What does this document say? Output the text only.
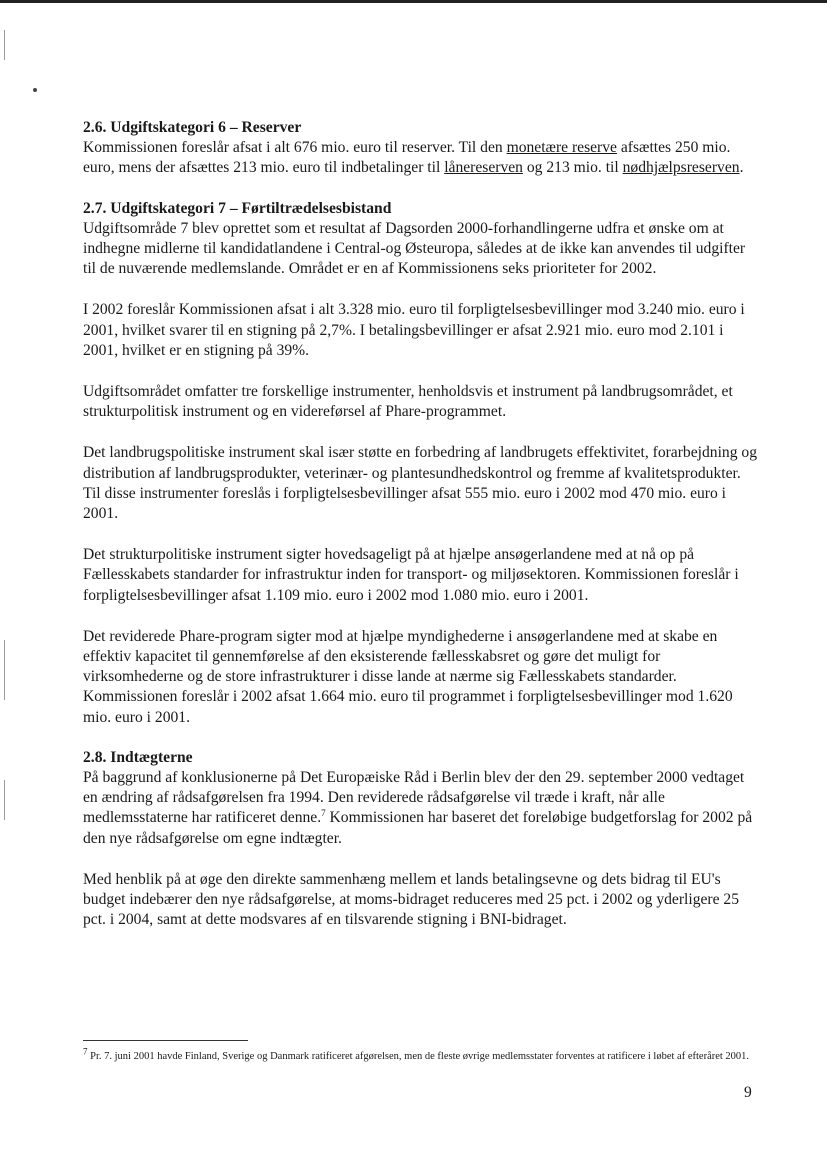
2.6. Udgiftskategori 6 – Reserver

Kommissionen foreslår afsat i alt 676 mio. euro til reserver. Til den monetære reserve afsættes 250 mio. euro, mens der afsættes 213 mio. euro til indbetalinger til lånereserven og 213 mio. til nødhjælpsreserven.

2.7. Udgiftskategori 7 – Førtiltrædelsesbistand

Udgiftsområde 7 blev oprettet som et resultat af Dagsorden 2000-forhandlingerne udfra et ønske om at indhegne midlerne til kandidatlandene i Central-og Østeuropa, således at de ikke kan anvendes til udgifter til de nuværende medlemslande. Området er en af Kommissionens seks prioriteter for 2002.

I 2002 foreslår Kommissionen afsat i alt 3.328 mio. euro til forpligtelsesbevillinger mod 3.240 mio. euro i 2001, hvilket svarer til en stigning på 2,7%. I betalingsbevillinger er afsat 2.921 mio. euro mod 2.101 i 2001, hvilket er en stigning på 39%.

Udgiftsområdet omfatter tre forskellige instrumenter, henholdsvis et instrument på landbrugsområdet, et strukturpolitisk instrument og en videreførsel af Phare-programmet.

Det landbrugspolitiske instrument skal især støtte en forbedring af landbrugets effektivitet, forarbejdning og distribution af landbrugsprodukter, veterinær- og plantesundhedskontrol og fremme af kvalitetsprodukter. Til disse instrumenter foreslås i forpligtelsesbevillinger afsat 555 mio. euro i 2002 mod 470 mio. euro i 2001.

Det strukturpolitiske instrument sigter hovedsageligt på at hjælpe ansøgerlandene med at nå op på Fællesskabets standarder for infrastruktur inden for transport- og miljøsektoren. Kommissionen foreslår i forpligtelsesbevillinger afsat 1.109 mio. euro i 2002 mod 1.080 mio. euro i 2001.

Det reviderede Phare-program sigter mod at hjælpe myndighederne i ansøgerlandene med at skabe en effektiv kapacitet til gennemførelse af den eksisterende fællesskabsret og gøre det muligt for virksomhederne og de store infrastrukturer i disse lande at nærme sig Fællesskabets standarder. Kommissionen foreslår i 2002 afsat 1.664 mio. euro til programmet i forpligtelsesbevillinger mod 1.620 mio. euro i 2001.

2.8. Indtægterne

På baggrund af konklusionerne på Det Europæiske Råd i Berlin blev der den 29. september 2000 vedtaget en ændring af rådsafgørelsen fra 1994. Den reviderede rådsafgørelse vil træde i kraft, når alle medlemsstaterne har ratificeret denne.$^7$ Kommissionen har baseret det foreløbige budgetforslag for 2002 på den nye rådsafgørelse om egne indtægter.

Med henblik på at øge den direkte sammenhæng mellem et lands betalingsevne og dets bidrag til EU's budget indebærer den nye rådsafgørelse, at moms-bidraget reduceres med 25 pct. i 2002 og yderligere 25 pct. i 2004, samt at dette modsvares af en tilsvarende stigning i BNI-bidraget.

7 Pr. 7. juni 2001 havde Finland, Sverige og Danmark ratificeret afgørelsen, men de fleste øvrige medlemsstater forventes at ratificere i løbet af efteråret 2001.
9
